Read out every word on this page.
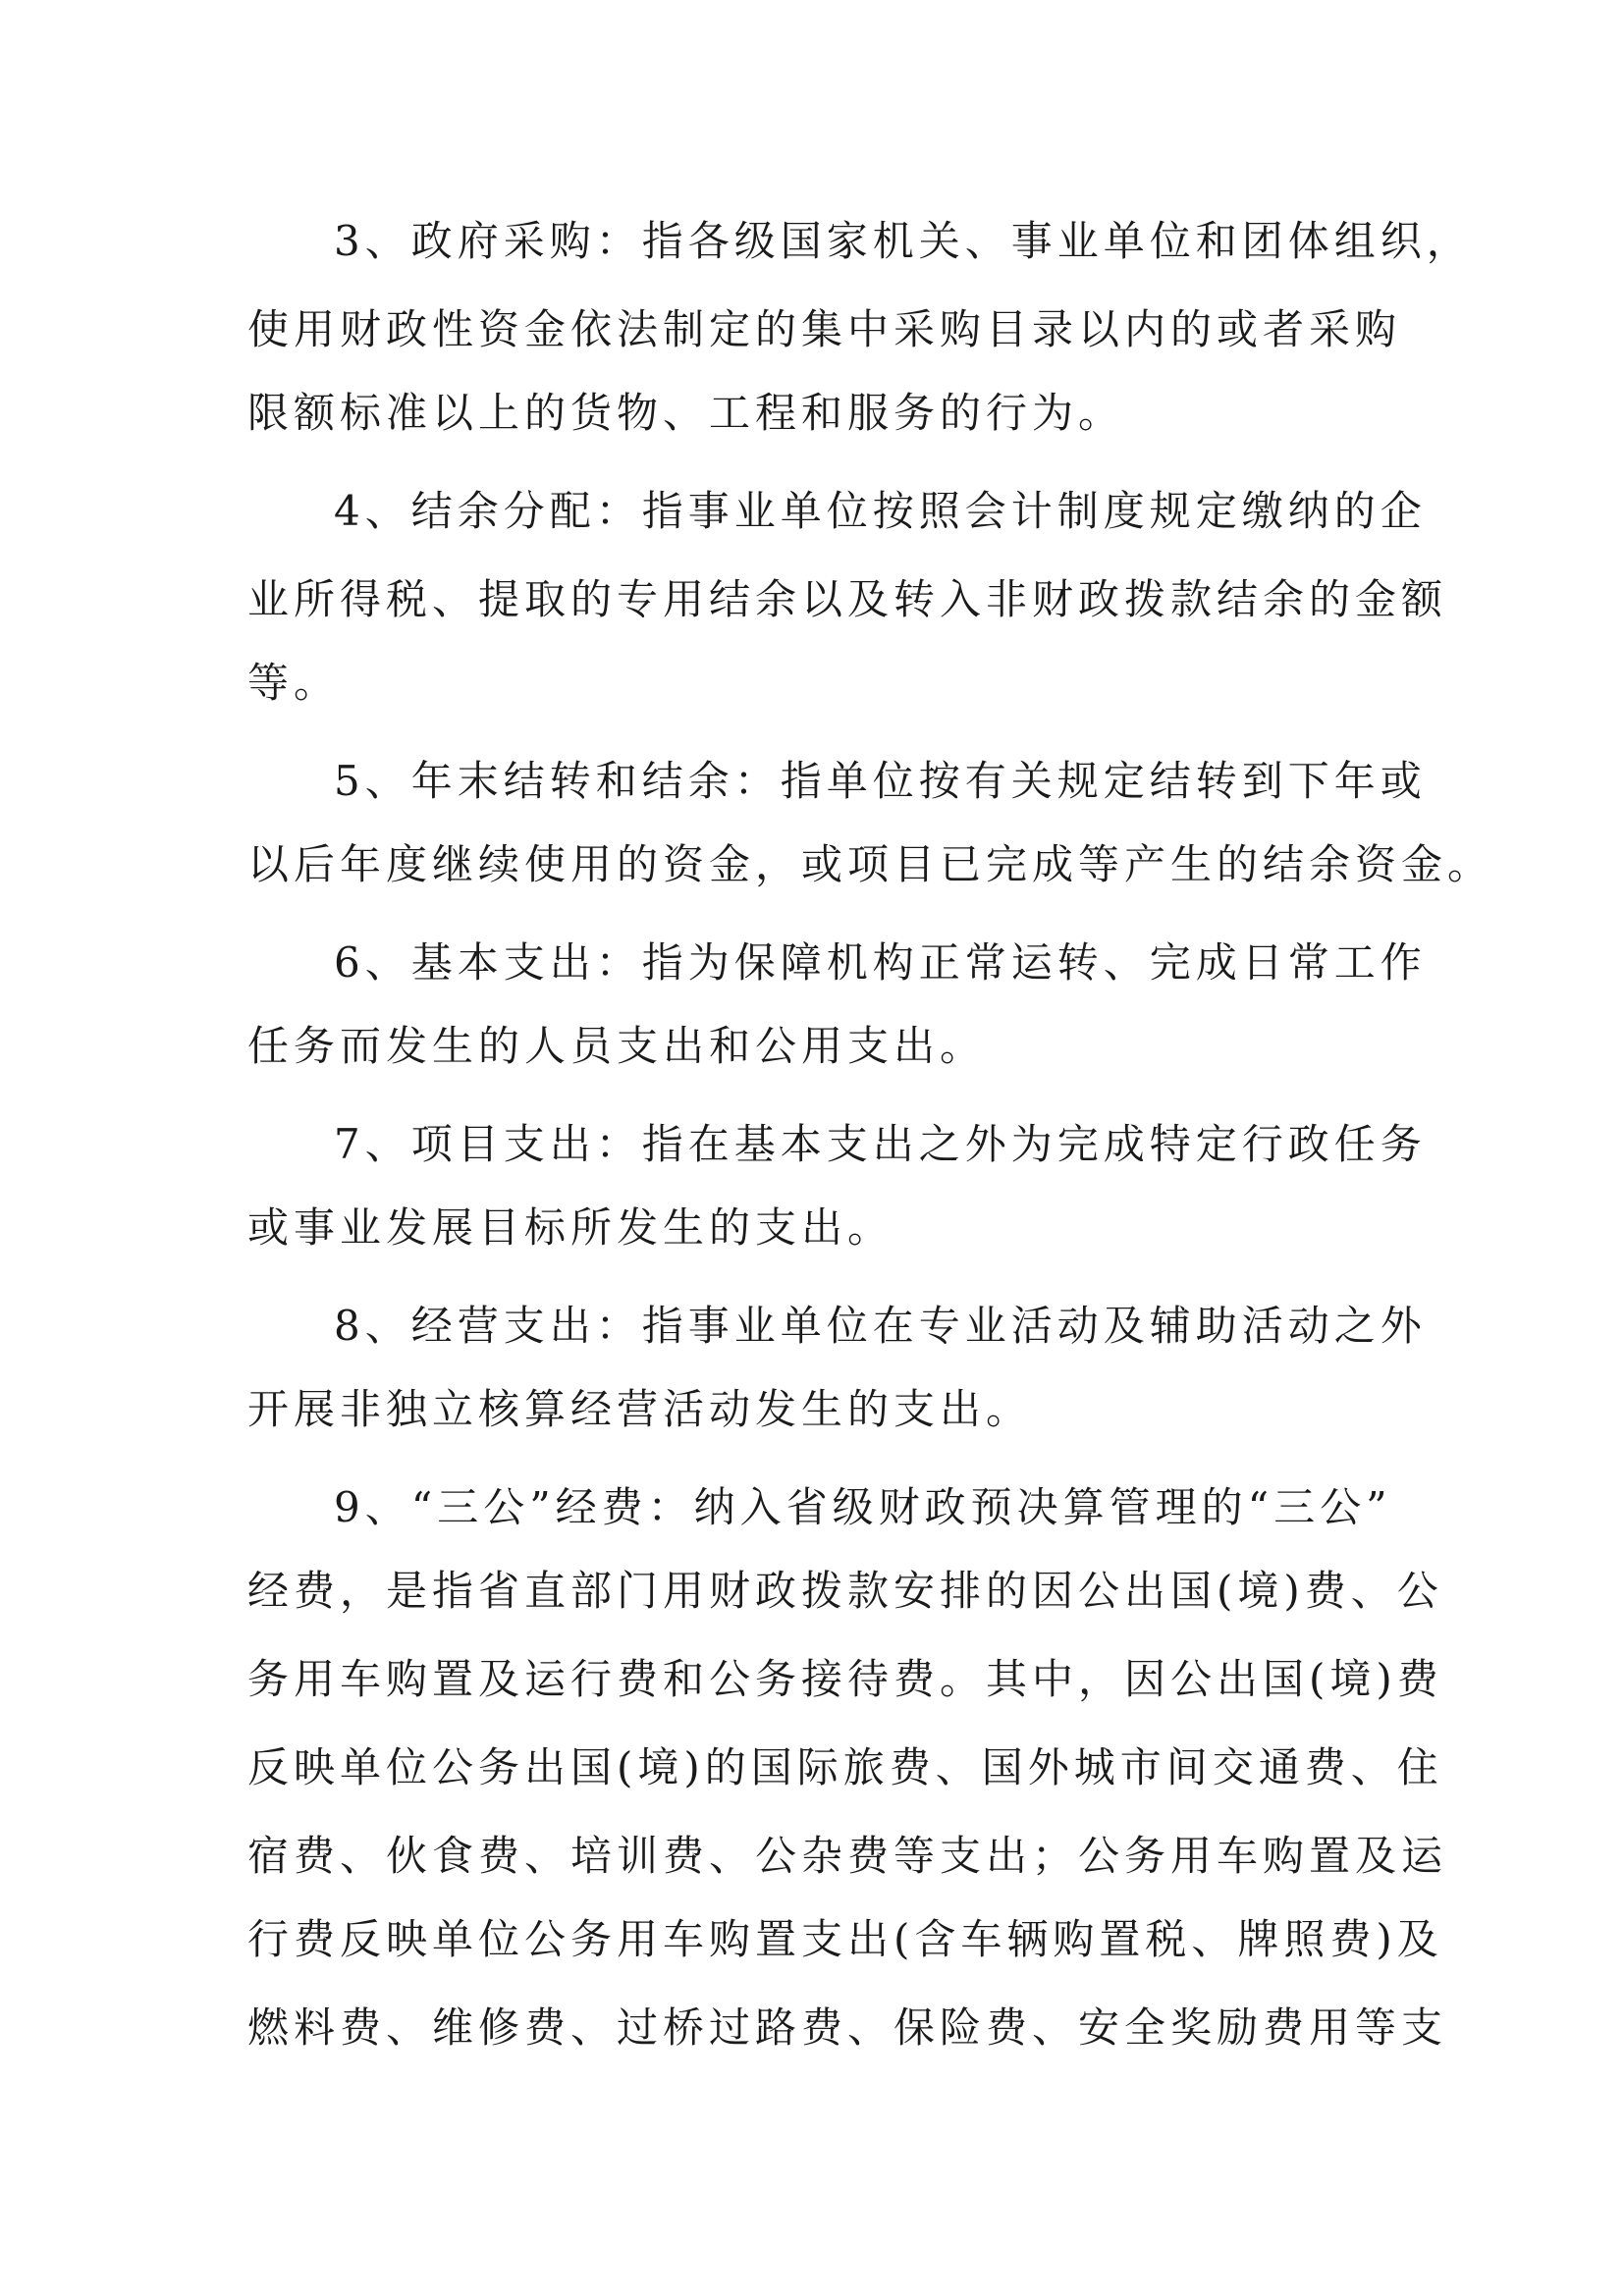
3、政府采购：指各级国家机关、事业单位和团体组织，
使用财政性资金依法制定的集中采购目录以内的或者采购
限额标准以上的货物、工程和服务的行为。
4、结余分配：指事业单位按照会计制度规定缴纳的企
业所得税、提取的专用结余以及转入非财政拨款结余的金额
等。
5、年末结转和结余：指单位按有关规定结转到下年或
以后年度继续使用的资金，或项目已完成等产生的结余资金。
6、基本支出：指为保障机构正常运转、完成日常工作
任务而发生的人员支出和公用支出。
7、项目支出：指在基本支出之外为完成特定行政任务
或事业发展目标所发生的支出。
8、经营支出：指事业单位在专业活动及辅助活动之外
开展非独立核算经营活动发生的支出。
9、“三公”经费：纳入省级财政预决算管理的“三公”
经费，是指省直部门用财政拨款安排的因公出国(境)费、公
务用车购置及运行费和公务接待费。其中，因公出国(境)费
反映单位公务出国(境)的国际旅费、国外城市间交通费、住
宿费、伙食费、培训费、公杂费等支出；公务用车购置及运
行费反映单位公务用车购置支出(含车辆购置税、牌照费)及
燃料费、维修费、过桥过路费、保险费、安全奖励费用等支
